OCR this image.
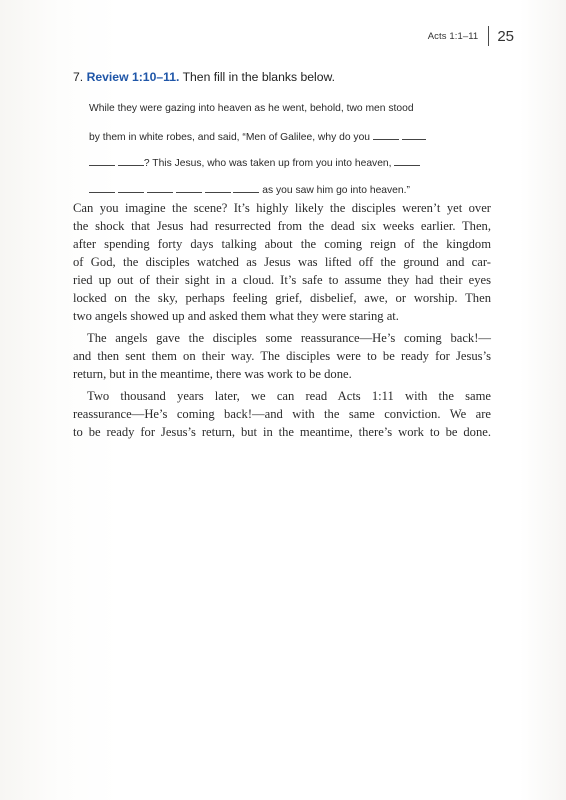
Acts 1:1–11 25
7. Review 1:10–11. Then fill in the blanks below.
While they were gazing into heaven as he went, behold, two men stood
by them in white robes, and said, “Men of Galilee, why do you
? This Jesus, who was taken up from you into heaven,
as you saw him go into heaven.”
Can you imagine the scene? It’s highly likely the disciples weren’t yet over
the shock that Jesus had resurrected from the dead six weeks earlier. Then,
after spending forty days talking about the coming reign of the kingdom
of God, the disciples watched as Jesus was lifted off the ground and car-
ried up out of their sight in a cloud. It’s safe to assume they had their eyes
locked on the sky, perhaps feeling grief, disbelief, awe, or worship. Then
two angels showed up and asked them what they were staring at.
The angels gave the disciples some reassurance—He’s coming back!—
and then sent them on their way. The disciples were to be ready for Jesus’s
return, but in the meantime, there was work to be done.
Two thousand years later, we can read Acts 1:11 with the same
reassurance—He’s coming back!—and with the same conviction. We are
to be ready for Jesus’s return, but in the meantime, there’s work to be done.
